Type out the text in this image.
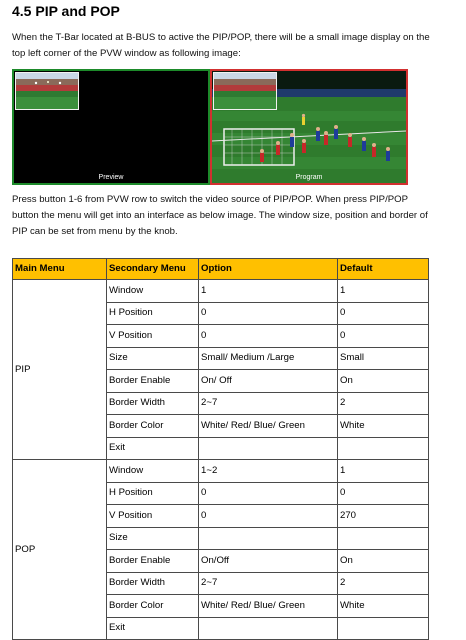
4.5 PIP and POP

When the T-Bar located at B-BUS to active the PIP/POP, there will be a small image display on the top left corner of the PVW window as following image:

Preview	Program

Press button 1-6 from PVW row to switch the video source of PIP/POP. When press PIP/POP button the menu will get into an interface as below image. The window size, position and border of PIP can be set from menu by the knob.

Main Menu	Secondary Menu	Option	Default
PIP	Window	1	1
	H Position	0	0
	V Position	0	0
	Size	Small/ Medium /Large	Small
	Border Enable	On/ Off	On
	Border Width	2~7	2
	Border Color	White/ Red/ Blue/ Green	White
	Exit		
POP	Window	1~2	1
	H Position	0	0
	V Position	0	270
	Size		
	Border Enable	On/Off	On
	Border Width	2~7	2
	Border Color	White/ Red/ Blue/ Green	White
	Exit		
